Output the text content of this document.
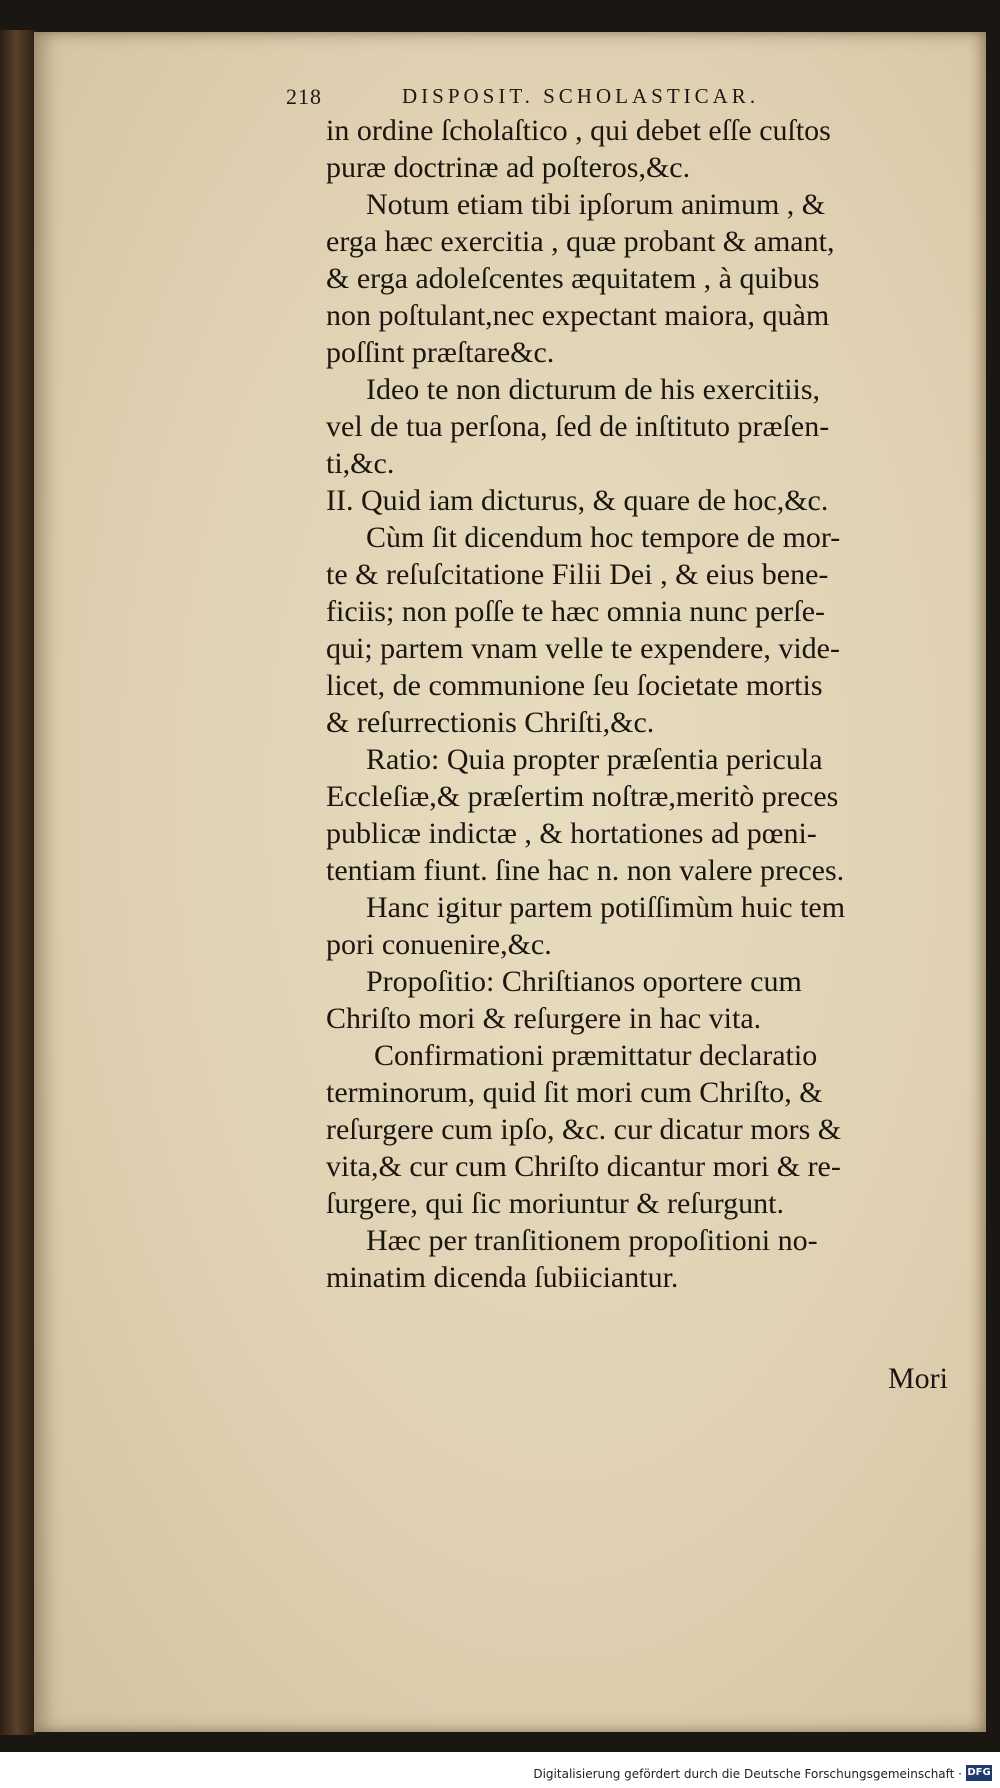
218	DISPOSIT. SCHOLASTICAR.
in ordine ſcholaſtico , qui debet eſſe cuſtos
puræ doctrinæ ad poſteros,&c.
Notum etiam tibi ipſorum animum , &
erga hæc exercitia , quæ probant & amant,
& erga adoleſcentes æquitatem , à quibus
non poſtulant,nec expectant maiora, quàm
poſſint præſtare&c.
Ideo te non dicturum de his exercitiis,
vel de tua perſona, ſed de inſtituto præſen-
ti,&c.
II. Quid iam dicturus, & quare de hoc,&c.
Cùm ſit dicendum hoc tempore de mor-
te & reſuſcitatione Filii Dei , & eius bene-
ficiis; non poſſe te hæc omnia nunc perſe-
qui; partem vnam velle te expendere, vide-
licet, de communione ſeu ſocietate mortis
& reſurrectionis Chriſti,&c.
Ratio: Quia propter præſentia pericula
Eccleſiæ,& præſertim noſtræ,meritò preces
publicæ indictæ , & hortationes ad pœni-
tentiam fiunt. ſine hac n. non valere preces.
Hanc igitur partem potiſſimùm huic tem
pori conuenire,&c.
Propoſitio: Chriſtianos oportere cum
Chriſto mori & reſurgere in hac vita.
Confirmationi præmittatur declaratio
terminorum, quid ſit mori cum Chriſto, &
reſurgere cum ipſo, &c. cur dicatur mors &
vita,& cur cum Chriſto dicantur mori & re-
ſurgere, qui ſic moriuntur & reſurgunt.
Hæc per tranſitionem propoſitioni no-
minatim dicenda ſubiiciantur.
Mori
Digitalisierung gefördert durch die Deutsche Forschungsgemeinschaft · DFG
